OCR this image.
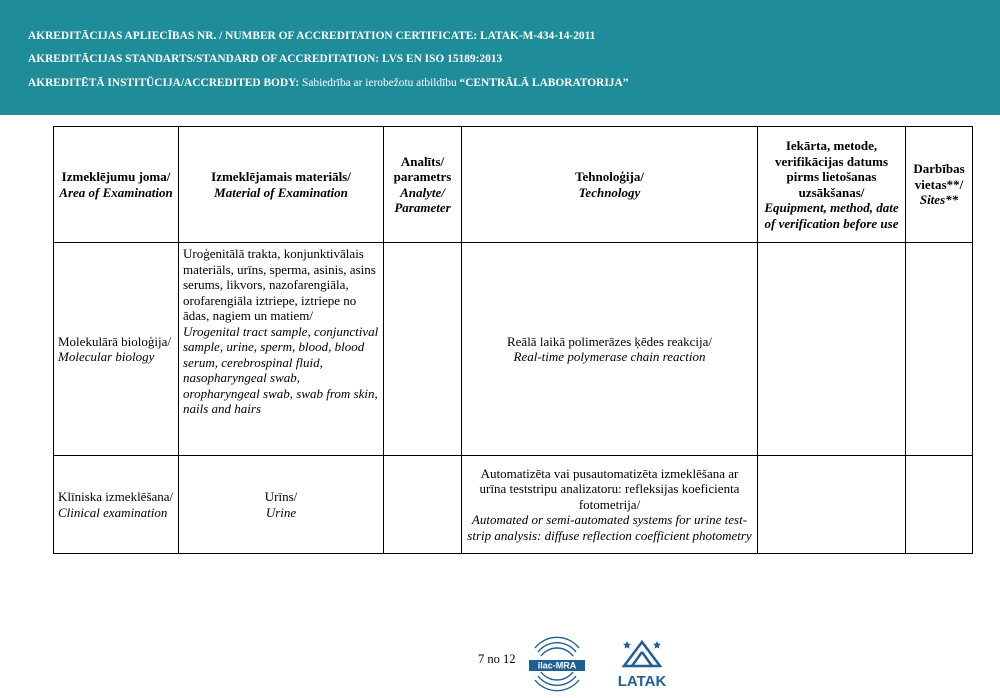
AKREDITĀCIJAS APLIECĪBAS NR. / NUMBER OF ACCREDITATION CERTIFICATE: LATAK-M-434-14-2011
AKREDITĀCIJAS STANDARTS/STANDARD OF ACCREDITATION: LVS EN ISO 15189:2013
AKREDITĒTĀ INSTITŪCIJA/ACCREDITED BODY: Sabiedrība ar ierobežotu atbildību “CENTRĀLĀ LABORATORIJA”
Izmeklējumu joma/
Area of Examination	Izmeklējamais materiāls/
Material of Examination	Analīts/ parametrs
Analyte/ Parameter	Tehnoloģija/
Technology	Iekārta, metode, verifikācijas datums pirms lietošanas uzsākšanas/
Equipment, method, date of verification before use	Darbības vietas**/
Sites**

Molekulārā bioloģija/
Molecular biology	Uroģenitālā trakta, konjunktivālais materiāls, urīns, sperma, asinis, asins serums, likvors, nazofarengiāla, orofarengiāla iztriepe, iztriepe no ādas, nagiem un matiem/
Urogenital tract sample, conjunctival sample, urine, sperm, blood, blood serum, cerebrospinal fluid, nasopharyngeal swab, oropharyngeal swab, swab from skin, nails and hairs		Reālā laikā polimerāzes ķēdes reakcija/
Real-time polymerase chain reaction		

Klīniska izmeklēšana/
Clinical examination	Urīns/
Urine		Automatizēta vai pusautomatizēta izmeklēšana ar urīna teststripu analizatoru: refleksijas koeficienta fotometrija/
Automated or semi-automated systems for urine test-strip analysis: diffuse reflection coefficient photometry		

7 no 12 ilac-MRA
LATAK
